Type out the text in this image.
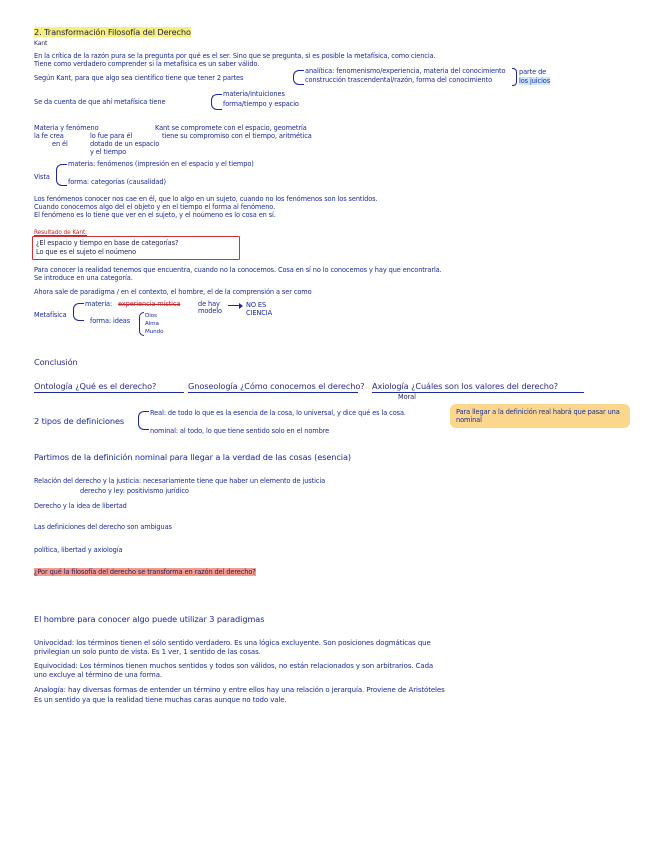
2. Transformación Filosofía del Derecho
Kant
En la crítica de la razón pura se la pregunta por qué es el ser. Sino que se pregunta, si es posible la metafísica, como ciencia.
Tiene como verdadero comprender si la metafísica es un saber válido.
Según Kant, para que algo sea científico tiene que tener 2 partes
analítica: fenomenismo/experiencia, materia del conocimiento
construcción trascendental/razón, forma del conocimiento
parte de
los juicios
Se da cuenta de que ahí metafísica tiene
materia/intuiciones
forma/tiempo y espacio
Materia y fenómeno
la fe crea
en él
lo fue para él
dotado de un espacio
y el tiempo
Kant se compromete con el espacio, geometría
tiene su compromiso con el tiempo, aritmética
Vista
materia: fenómenos (impresión en el espacio y el tiempo)
forma: categorías (causalidad)
Los fenómenos conocer nos cae en él, que lo algo en un sujeto, cuando no los fenómenos son los sentidos.
Cuando conocemos algo del el objeto y en el tiempo el forma al fenómeno.
El fenómeno es lo tiene que ver en el sujeto, y el noúmeno es lo cosa en sí.
Resultado de Kant:
¿El espacio y tiempo en base de categorías?
Lo que es el sujeto el noúmeno
Para conocer la realidad tenemos que encuentra, cuando no la conocemos. Cosa en sí no lo conocemos y hay que encontrarla.
Se introduce en una categoría.
Ahora sale de paradigma / en el contexto, el hombre, el de la comprensión a ser como
Metafísica
materia: experiencia mística	de hay
modelo
NO ES
CIENCIA
forma: ideas
Dios
Alma
Mundo
Conclusión
Ontología ¿Qué es el derecho?	Gnoseología ¿Cómo conocemos el derecho? Axiología ¿Cuáles son los valores del derecho?
Moral
2 tipos de definiciones
Real: de todo lo que es la esencia de la cosa, lo universal, y dice qué es la cosa.
nominal: al todo, lo que tiene sentido solo en el nombre
Para llegar a la definición real habrá que pasar una nominal
Partimos de la definición nominal para llegar a la verdad de las cosas (esencia)
Relación del derecho y la justicia: necesariamente tiene que haber un elemento de justicia
derecho y ley: positivismo jurídico
Derecho y la idea de libertad
Las definiciones del derecho son ambiguas
política, libertad y axiología
¿Por qué la filosofía del derecho se transforma en razón del derecho?
El hombre para conocer algo puede utilizar 3 paradigmas
Univocidad: los términos tienen el sólo sentido verdadero. Es una lógica excluyente. Son posiciones dogmáticas que
privilegian un solo punto de vista. Es 1 ver, 1 sentido de las cosas.
Equivocidad: Los términos tienen muchos sentidos y todos son válidos, no están relacionados y son arbitrarios. Cada
uno excluye al término de una forma.
Analogía: hay diversas formas de entender un término y entre ellos hay una relación o jerarquía. Proviene de Aristóteles
Es un sentido ya que la realidad tiene muchas caras aunque no todo vale.
